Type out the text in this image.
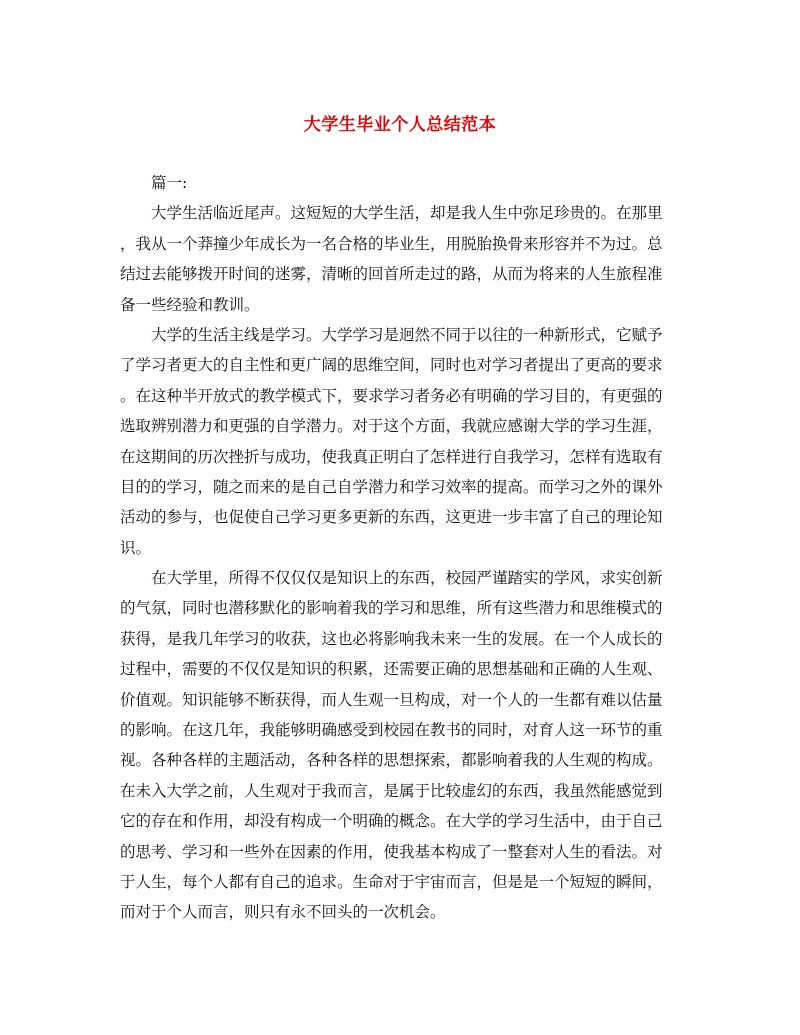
大学生毕业个人总结范本
篇一:
大学生活临近尾声。这短短的大学生活，却是我人生中弥足珍贵的。在那里
，我从一个莽撞少年成长为一名合格的毕业生，用脱胎换骨来形容并不为过。总
结过去能够拨开时间的迷雾，清晰的回首所走过的路，从而为将来的人生旅程准
备一些经验和教训。
大学的生活主线是学习。大学学习是迥然不同于以往的一种新形式，它赋予
了学习者更大的自主性和更广阔的思维空间，同时也对学习者提出了更高的要求
。在这种半开放式的教学模式下，要求学习者务必有明确的学习目的，有更强的
选取辨别潜力和更强的自学潜力。对于这个方面，我就应感谢大学的学习生涯，
在这期间的历次挫折与成功，使我真正明白了怎样进行自我学习，怎样有选取有
目的的学习，随之而来的是自己自学潜力和学习效率的提高。而学习之外的课外
活动的参与，也促使自己学习更多更新的东西，这更进一步丰富了自己的理论知
识。
在大学里，所得不仅仅仅是知识上的东西，校园严谨踏实的学风，求实创新
的气氛，同时也潜移默化的影响着我的学习和思维，所有这些潜力和思维模式的
获得，是我几年学习的收获，这也必将影响我未来一生的发展。在一个人成长的
过程中，需要的不仅仅是知识的积累，还需要正确的思想基础和正确的人生观、
价值观。知识能够不断获得，而人生观一旦构成，对一个人的一生都有难以估量
的影响。在这几年，我能够明确感受到校园在教书的同时，对育人这一环节的重
视。各种各样的主题活动，各种各样的思想探索，都影响着我的人生观的构成。
在未入大学之前，人生观对于我而言，是属于比较虚幻的东西，我虽然能感觉到
它的存在和作用，却没有构成一个明确的概念。在大学的学习生活中，由于自己
的思考、学习和一些外在因素的作用，使我基本构成了一整套对人生的看法。对
于人生，每个人都有自己的追求。生命对于宇宙而言，但是是一个短短的瞬间，
而对于个人而言，则只有永不回头的一次机会。
